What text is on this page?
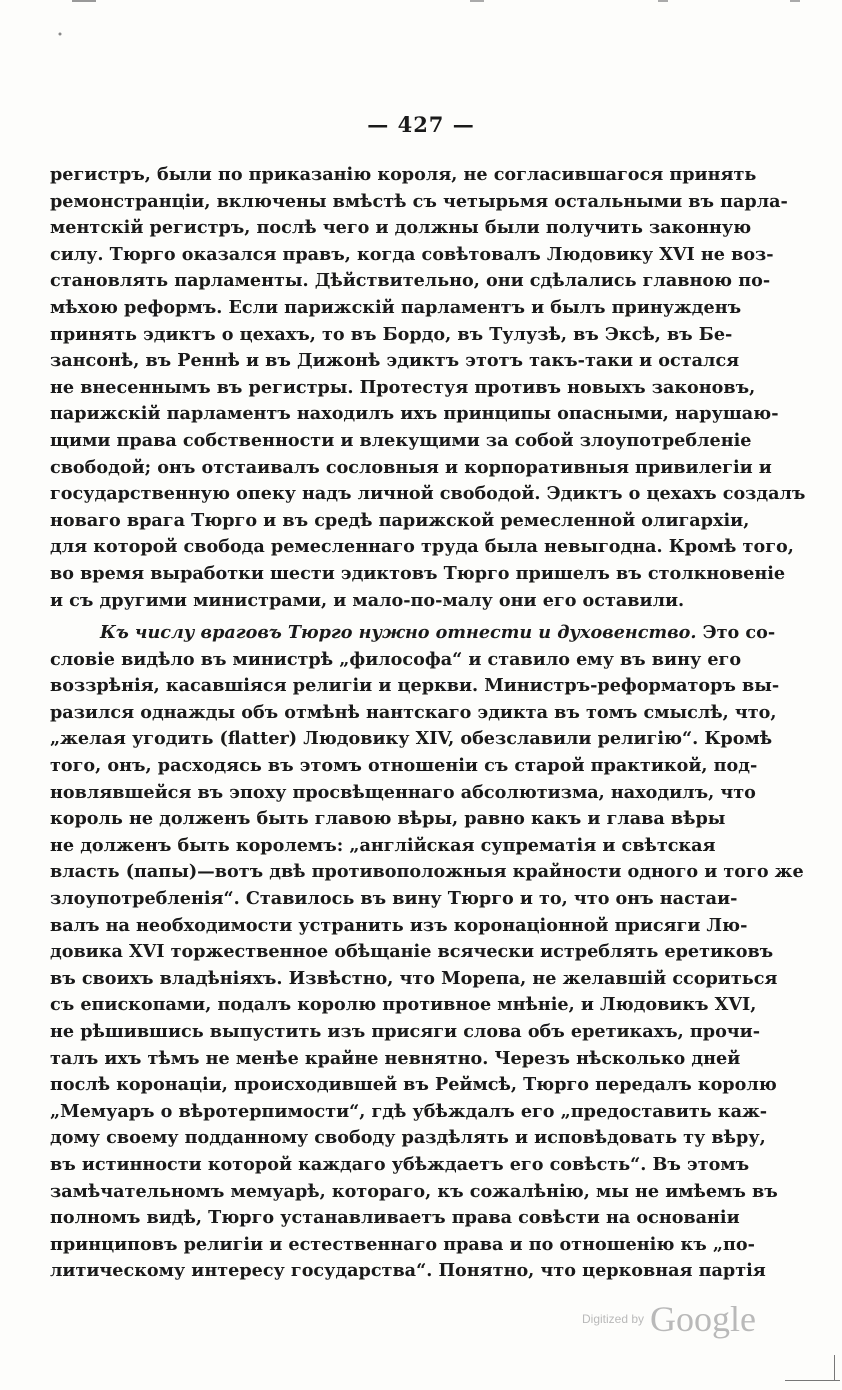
— 427 —
регистръ, были по приказанію короля, не согласившагося принять
ремонстранціи, включены вмѣстѣ съ четырьмя остальными въ парла-
ментскій регистръ, послѣ чего и должны были получить законную
силу. Тюрго оказался правъ, когда совѣтовалъ Людовику XVI не воз-
становлять парламенты. Дѣйствительно, они сдѣлались главною по-
мѣхою реформъ. Если парижскій парламентъ и былъ принужденъ
принять эдиктъ о цехахъ, то въ Бордо, въ Тулузѣ, въ Эксѣ, въ Бе-
зансонѣ, въ Реннѣ и въ Дижонѣ эдиктъ этотъ такъ-таки и остался
не внесеннымъ въ регистры. Протестуя противъ новыхъ законовъ,
парижскій парламентъ находилъ ихъ принципы опасными, нарушаю-
щими права собственности и влекущими за собой злоупотребленіе
свободой; онъ отстаивалъ сословныя и корпоративныя привилегіи и
государственную опеку надъ личной свободой. Эдиктъ о цехахъ создалъ
новаго врага Тюрго и въ средѣ парижской ремесленной олигархіи,
для которой свобода ремесленнаго труда была невыгодна. Кромѣ того,
во время выработки шести эдиктовъ Тюрго пришелъ въ столкновеніе
и съ другими министрами, и мало-по-малу они его оставили.
Къ числу враговъ Тюрго нужно отнести и духовенство. Это со-
словіе видѣло въ министрѣ „философа“ и ставило ему въ вину его
воззрѣнія, касавшіяся религіи и церкви. Министръ-реформаторъ вы-
разился однажды объ отмѣнѣ нантскаго эдикта въ томъ смыслѣ, что,
„желая угодить (flatter) Людовику XIV, обезславили религію“. Кромѣ
того, онъ, расходясь въ этомъ отношеніи съ старой практикой, под-
новлявшейся въ эпоху просвѣщеннаго абсолютизма, находилъ, что
король не долженъ быть главою вѣры, равно какъ и глава вѣры
не долженъ быть королемъ: „англійская супрематія и свѣтская
власть (папы)—вотъ двѣ противоположныя крайности одного и того же
злоупотребленія“. Ставилось въ вину Тюрго и то, что онъ настаи-
валъ на необходимости устранить изъ коронаціонной присяги Лю-
довика XVI торжественное обѣщаніе всячески истреблять еретиковъ
въ своихъ владѣніяхъ. Извѣстно, что Морепа, не желавшій ссориться
съ епископами, подалъ королю противное мнѣніе, и Людовикъ XVI,
не рѣшившись выпустить изъ присяги слова объ еретикахъ, прочи-
талъ ихъ тѣмъ не менѣе крайне невнятно. Черезъ нѣсколько дней
послѣ коронаціи, происходившей въ Реймсѣ, Тюрго передалъ королю
„Мемуаръ о вѣротерпимости“, гдѣ убѣждалъ его „предоставить каж-
дому своему подданному свободу раздѣлять и исповѣдовать ту вѣру,
въ истинности которой каждаго убѣждаетъ его совѣсть“. Въ этомъ
замѣчательномъ мемуарѣ, котораго, къ сожалѣнію, мы не имѣемъ въ
полномъ видѣ, Тюрго устанавливаетъ права совѣсти на основаніи
принциповъ религіи и естественнаго права и по отношенію къ „по-
литическому интересу государства“. Понятно, что церковная партія
Digitized by Google
